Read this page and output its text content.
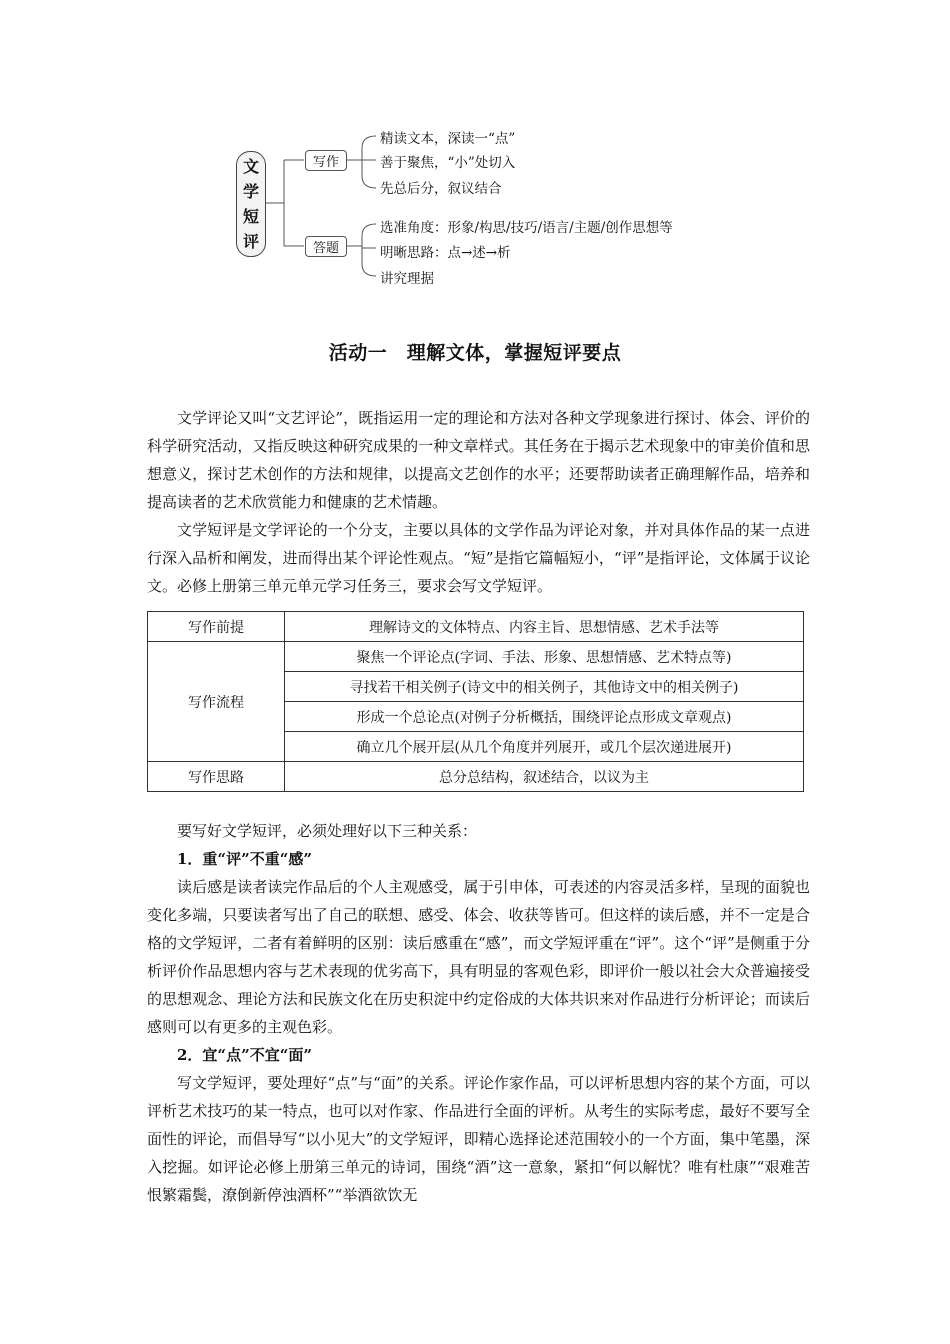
文
学
短
评
写作
答题
精读文本，深读一“点”
善于聚焦，“小”处切入
先总后分，叙议结合
选准角度：形象/构思/技巧/语言/主题/创作思想等
明晰思路：点→述→析
讲究理据
活动一　理解文体，掌握短评要点

文学评论又叫“文艺评论”，既指运用一定的理论和方法对各种文学现象进行探讨、体会、评价的科学研究活动，又指反映这种研究成果的一种文章样式。其任务在于揭示艺术现象中的审美价值和思想意义，探讨艺术创作的方法和规律，以提高文艺创作的水平；还要帮助读者正确理解作品，培养和提高读者的艺术欣赏能力和健康的艺术情趣。

文学短评是文学评论的一个分支，主要以具体的文学作品为评论对象，并对具体作品的某一点进行深入品析和阐发，进而得出某个评论性观点。“短”是指它篇幅短小，“评”是指评论，文体属于议论文。必修上册第三单元单元学习任务三，要求会写文学短评。

写作前提	理解诗文的文体特点、内容主旨、思想情感、艺术手法等
写作流程	聚焦一个评论点(字词、手法、形象、思想情感、艺术特点等)
	寻找若干相关例子(诗文中的相关例子，其他诗文中的相关例子)
	形成一个总论点(对例子分析概括，围绕评论点形成文章观点)
	确立几个展开层(从几个角度并列展开，或几个层次递进展开)
写作思路	总分总结构，叙述结合，以议为主

要写好文学短评，必须处理好以下三种关系：

1．重“评”不重“感”

读后感是读者读完作品后的个人主观感受，属于引申体，可表述的内容灵活多样，呈现的面貌也变化多端，只要读者写出了自己的联想、感受、体会、收获等皆可。但这样的读后感，并不一定是合格的文学短评，二者有着鲜明的区别：读后感重在“感”，而文学短评重在“评”。这个“评”是侧重于分析评价作品思想内容与艺术表现的优劣高下，具有明显的客观色彩，即评价一般以社会大众普遍接受的思想观念、理论方法和民族文化在历史积淀中约定俗成的大体共识来对作品进行分析评论；而读后感则可以有更多的主观色彩。

2．宜“点”不宜“面”

写文学短评，要处理好“点”与“面”的关系。评论作家作品，可以评析思想内容的某个方面，可以评析艺术技巧的某一特点，也可以对作家、作品进行全面的评析。从考生的实际考虑，最好不要写全面性的评论，而倡导写“以小见大”的文学短评，即精心选择论述范围较小的一个方面，集中笔墨，深入挖掘。如评论必修上册第三单元的诗词，围绕“酒”这一意象，紧扣“何以解忧？唯有杜康”“艰难苦恨繁霜鬓，潦倒新停浊酒杯”“举酒欲饮无
